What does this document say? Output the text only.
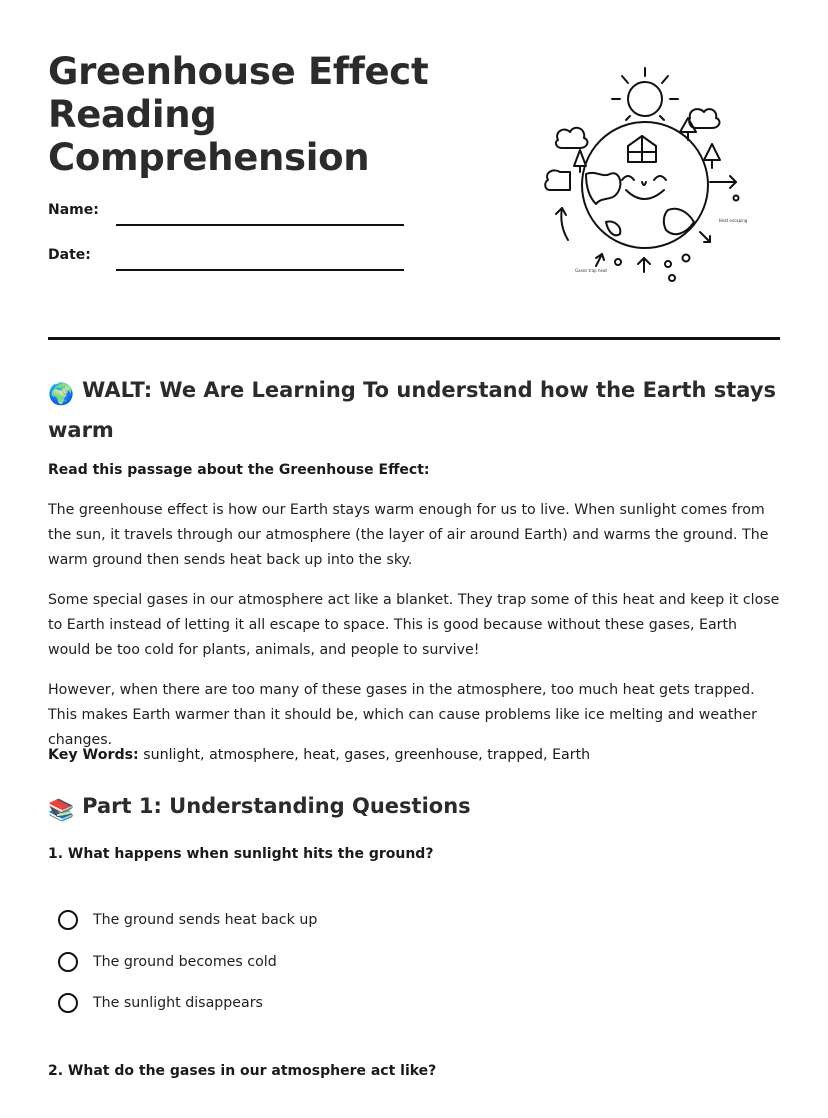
Greenhouse Effect
Reading
Comprehension
Name:
Date:
Gases trap heat
Heat escaping
🌍 WALT: We Are Learning To understand how the Earth stays warm

Read this passage about the Greenhouse Effect:

The greenhouse effect is how our Earth stays warm enough for us to live. When sunlight comes from the sun, it travels through our atmosphere (the layer of air around Earth) and warms the ground. The warm ground then sends heat back up into the sky.

Some special gases in our atmosphere act like a blanket. They trap some of this heat and keep it close to Earth instead of letting it all escape to space. This is good because without these gases, Earth would be too cold for plants, animals, and people to survive!

However, when there are too many of these gases in the atmosphere, too much heat gets trapped. This makes Earth warmer than it should be, which can cause problems like ice melting and weather changes.

Key Words: sunlight, atmosphere, heat, gases, greenhouse, trapped, Earth

📚 Part 1: Understanding Questions

1. What happens when sunlight hits the ground?

The ground sends heat back up
The ground becomes cold
The sunlight disappears

2. What do the gases in our atmosphere act like?
